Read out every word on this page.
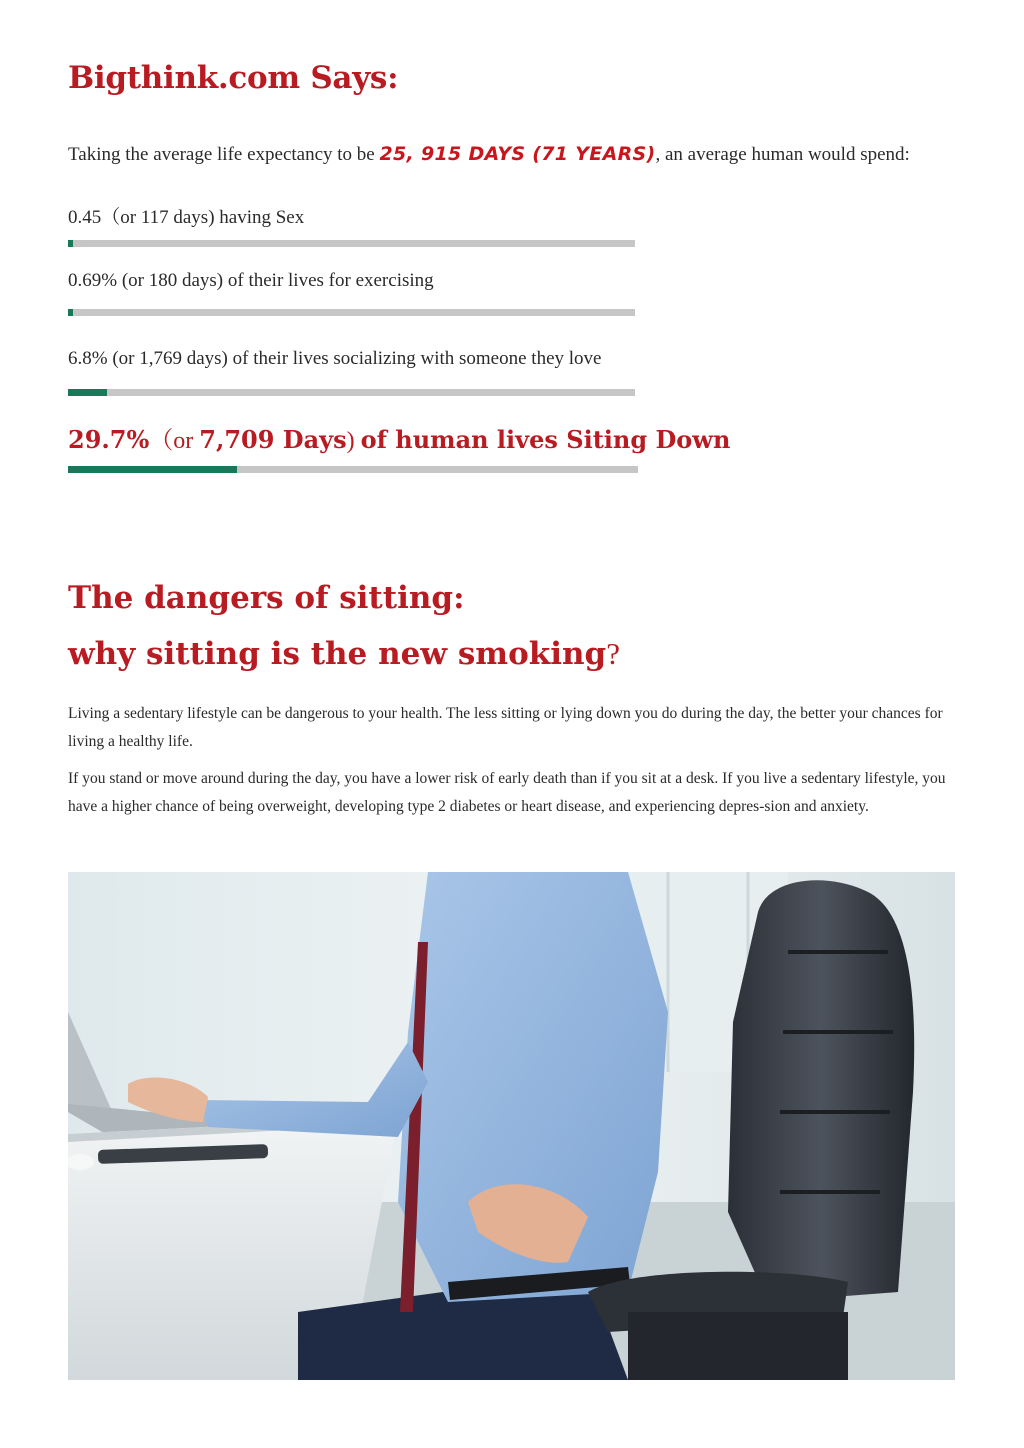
Bigthink.com Says:
Taking the average life expectancy to be 25, 915 DAYS (71 YEARS), an average human would spend:
0.45（or 117 days) having Sex
0.69% (or 180 days) of their lives for exercising
6.8% (or 1,769 days) of their lives socializing with someone they love
29.7%（or 7,709 Days) of human lives Siting Down
The dangers of sitting:
why sitting is the new smoking?

Living a sedentary lifestyle can be dangerous to your health. The less sitting or lying down you do during the day, the better your chances for living a healthy life.

If you stand or move around during the day, you have a lower risk of early death than if you sit at a desk. If you live a sedentary lifestyle, you have a higher chance of being overweight, developing type 2 diabetes or heart disease, and experiencing depres-sion and anxiety.
